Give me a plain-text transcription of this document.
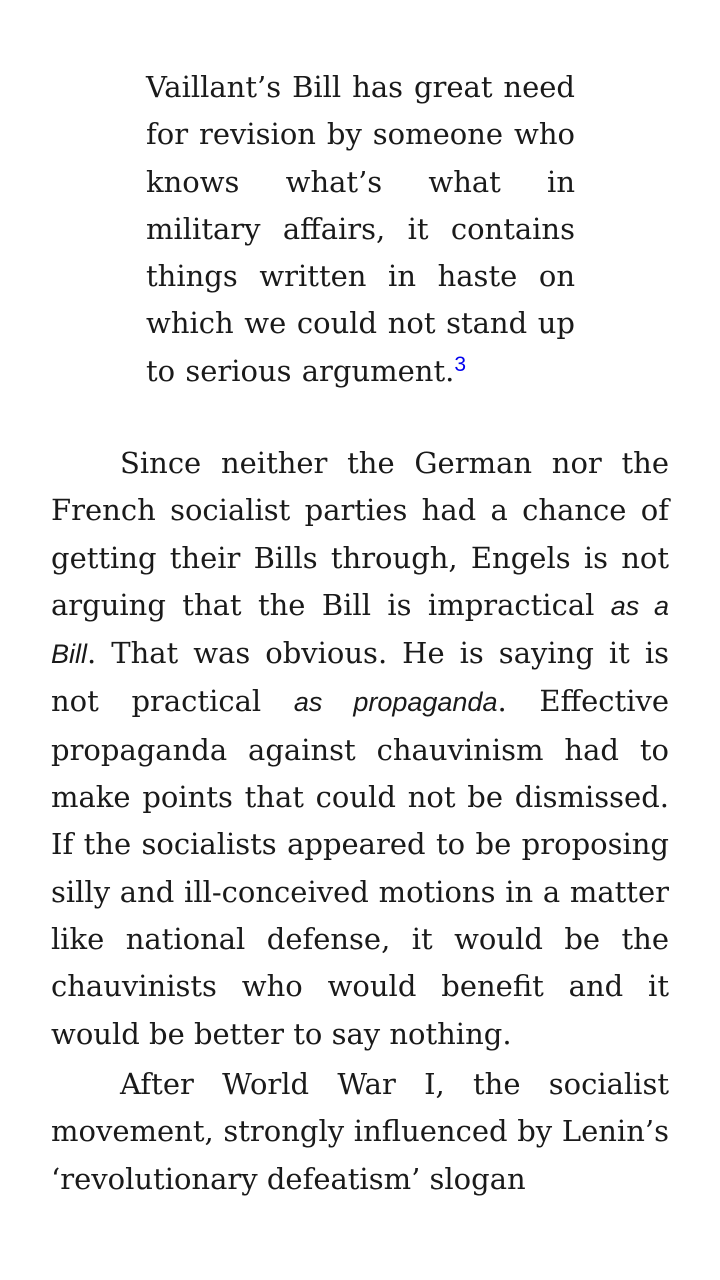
Vaillant’s Bill has great need for revision by someone who knows what’s what in military affairs, it contains things written in haste on which we could not stand up to serious argument.$^3$

Since neither the German nor the French socialist parties had a chance of getting their Bills through, Engels is not arguing that the Bill is impractical as a Bill. That was obvious. He is saying it is not practical as propaganda. Effective propaganda against chauvinism had to make points that could not be dismissed. If the socialists appeared to be proposing silly and ill-conceived motions in a matter like national defense, it would be the chauvinists who would benefit and it would be better to say nothing.

After World War I, the socialist movement, strongly influenced by Lenin’s ‘revolutionary defeatism’ slogan
